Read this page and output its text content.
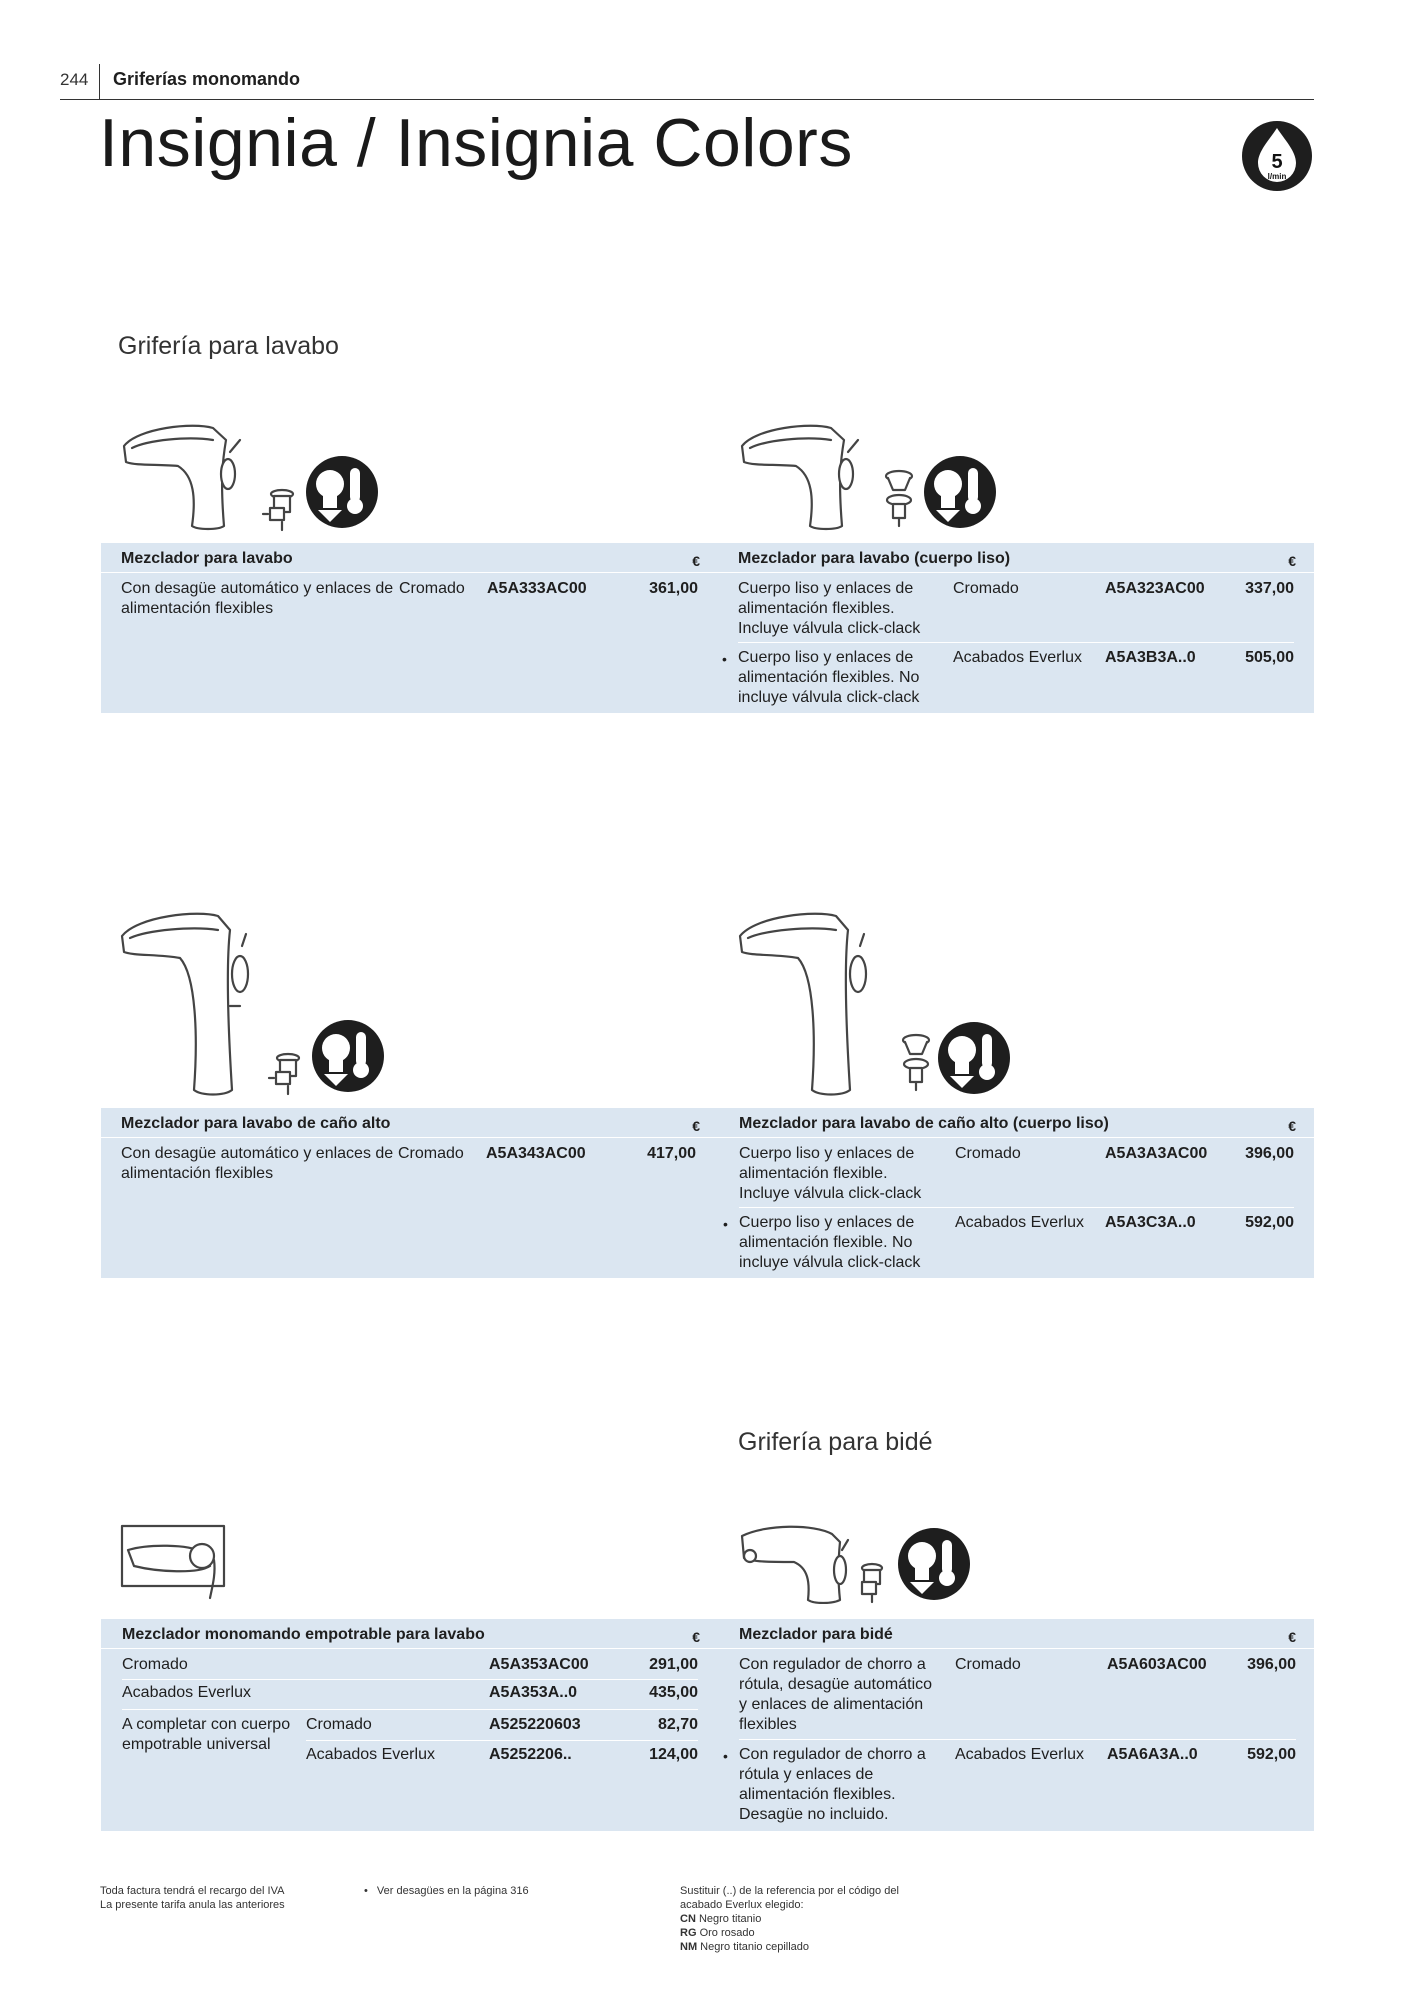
244 Griferías monomando
Insignia / Insignia Colors	5
l/min
Grifería para lavabo
Mezclador para lavabo	€
Con desagüe automático y enlaces de alimentación flexibles
Cromado A5A333AC00	361,00
Mezclador para lavabo (cuerpo liso)	€
Cuerpo liso y enlaces de alimentación flexibles. Incluye válvula click-clack
Cromado	A5A323AC00	337,00
• Cuerpo liso y enlaces de alimentación flexibles. No incluye válvula click-clack
Acabados Everlux A5A3B3A..0	505,00
Mezclador para lavabo de caño alto	€
Con desagüe automático y enlaces de alimentación flexibles
Cromado A5A343AC00	417,00
Mezclador para lavabo de caño alto (cuerpo liso)	€
Cuerpo liso y enlaces de alimentación flexible. Incluye válvula click-clack
Cromado	A5A3A3AC00 396,00
• Cuerpo liso y enlaces de alimentación flexible. No incluye válvula click-clack
Acabados Everlux A5A3C3A..0	592,00
Grifería para bidé
Mezclador monomando empotrable para lavabo	€
Cromado	A5A353AC00	291,00
Acabados Everlux	A5A353A..0	435,00
A completar con cuerpo empotrable universal
Cromado	A525220603	82,70
Acabados Everlux	A5252206..	124,00
Mezclador para bidé	€
Con regulador de chorro a rótula, desagüe automático y enlaces de alimentación flexibles
Cromado	A5A603AC00	396,00
• Con regulador de chorro a rótula y enlaces de alimentación flexibles. Desagüe no incluido.
Acabados Everlux A5A6A3A..0	592,00
Toda factura tendrá el recargo del IVA
La presente tarifa anula las anteriores
• Ver desagües en la página 316	Sustituir (..) de la referencia por el código del acabado Everlux elegido:
CN Negro titanio
RG Oro rosado
NM Negro titanio cepillado
